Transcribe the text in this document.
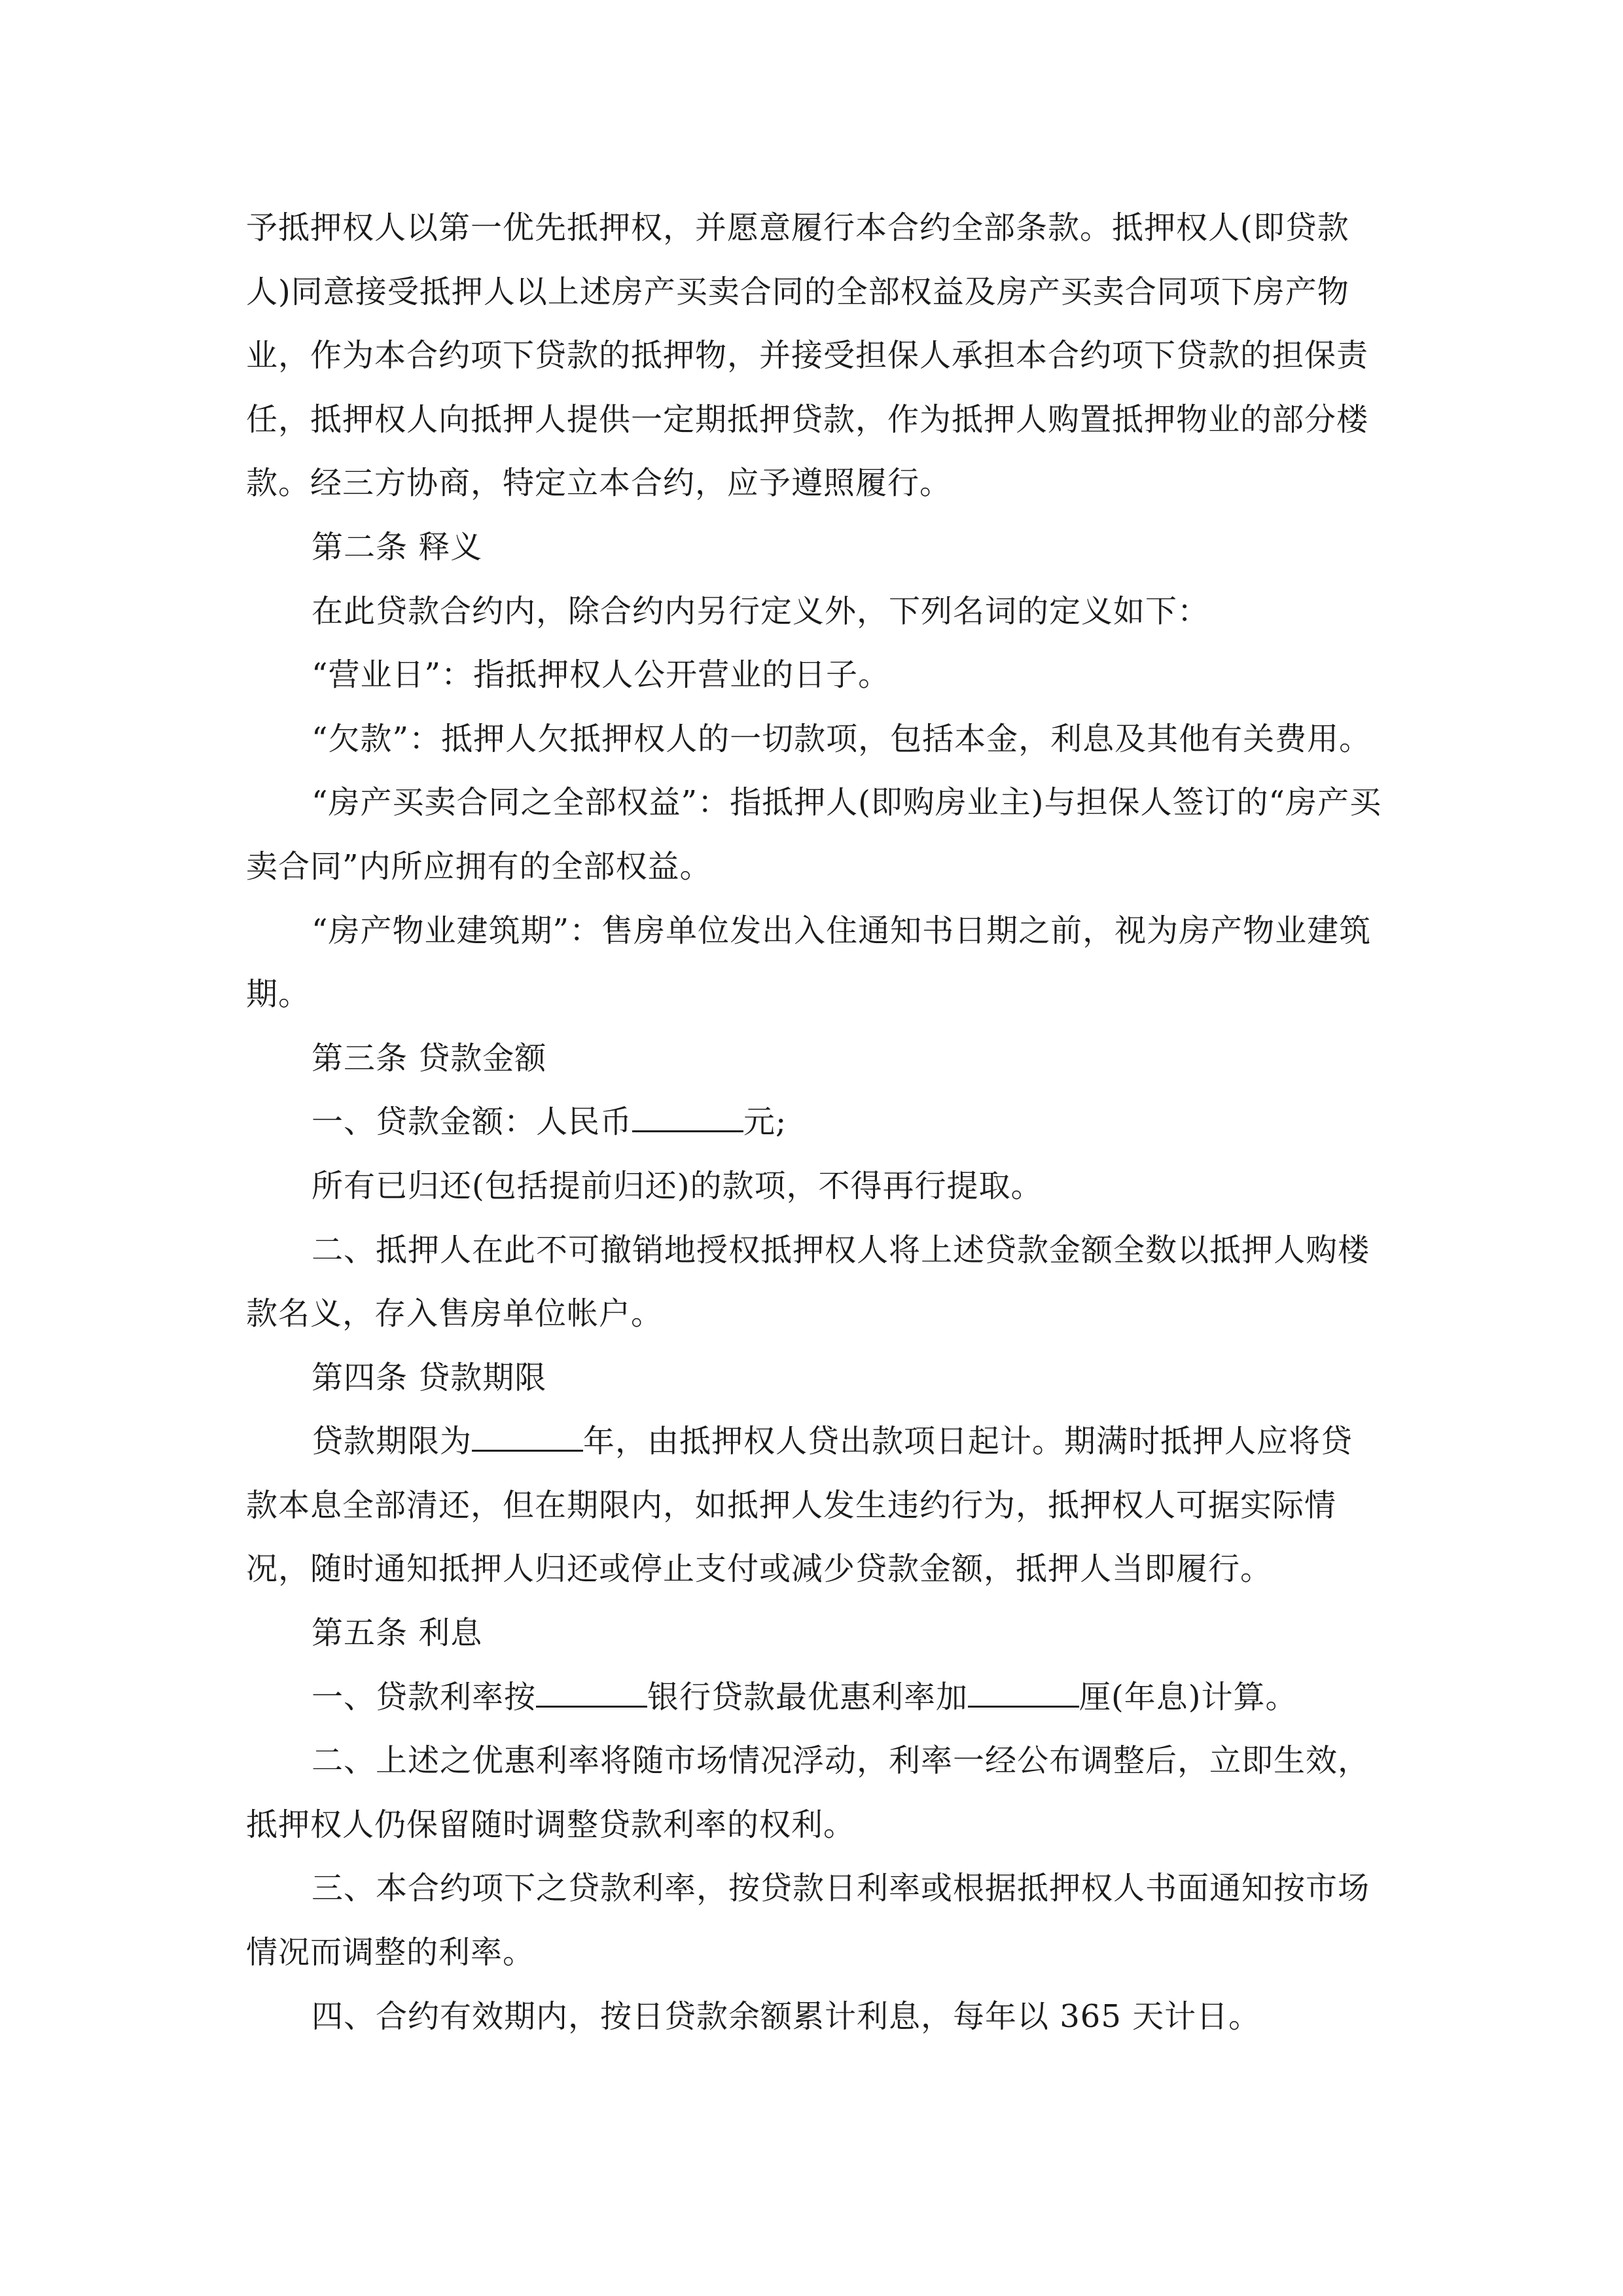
予抵押权人以第一优先抵押权，并愿意履行本合约全部条款。抵押权人(即贷款人)同意接受抵押人以上述房产买卖合同的全部权益及房产买卖合同项下房产物业，作为本合约项下贷款的抵押物，并接受担保人承担本合约项下贷款的担保责任，抵押权人向抵押人提供一定期抵押贷款，作为抵押人购置抵押物业的部分楼款。经三方协商，特定立本合约，应予遵照履行。

第二条 释义

在此贷款合约内，除合约内另行定义外，下列名词的定义如下：

“营业日”：指抵押权人公开营业的日子。

“欠款”：抵押人欠抵押权人的一切款项，包括本金，利息及其他有关费用。

“房产买卖合同之全部权益”：指抵押人(即购房业主)与担保人签订的“房产买卖合同”内所应拥有的全部权益。

“房产物业建筑期”：售房单位发出入住通知书日期之前，视为房产物业建筑期。

第三条 贷款金额

一、贷款金额：人民币	元;

所有已归还(包括提前归还)的款项，不得再行提取。

二、抵押人在此不可撤销地授权抵押权人将上述贷款金额全数以抵押人购楼款名义，存入售房单位帐户。

第四条 贷款期限

贷款期限为	年，由抵押权人贷出款项日起计。期满时抵押人应将贷款本息全部清还，但在期限内，如抵押人发生违约行为，抵押权人可据实际情况，随时通知抵押人归还或停止支付或减少贷款金额，抵押人当即履行。

第五条 利息

一、贷款利率按	银行贷款最优惠利率加	厘(年息)计算。

二、上述之优惠利率将随市场情况浮动，利率一经公布调整后，立即生效，抵押权人仍保留随时调整贷款利率的权利。

三、本合约项下之贷款利率，按贷款日利率或根据抵押权人书面通知按市场情况而调整的利率。

四、合约有效期内，按日贷款余额累计利息，每年以 365 天计日。
